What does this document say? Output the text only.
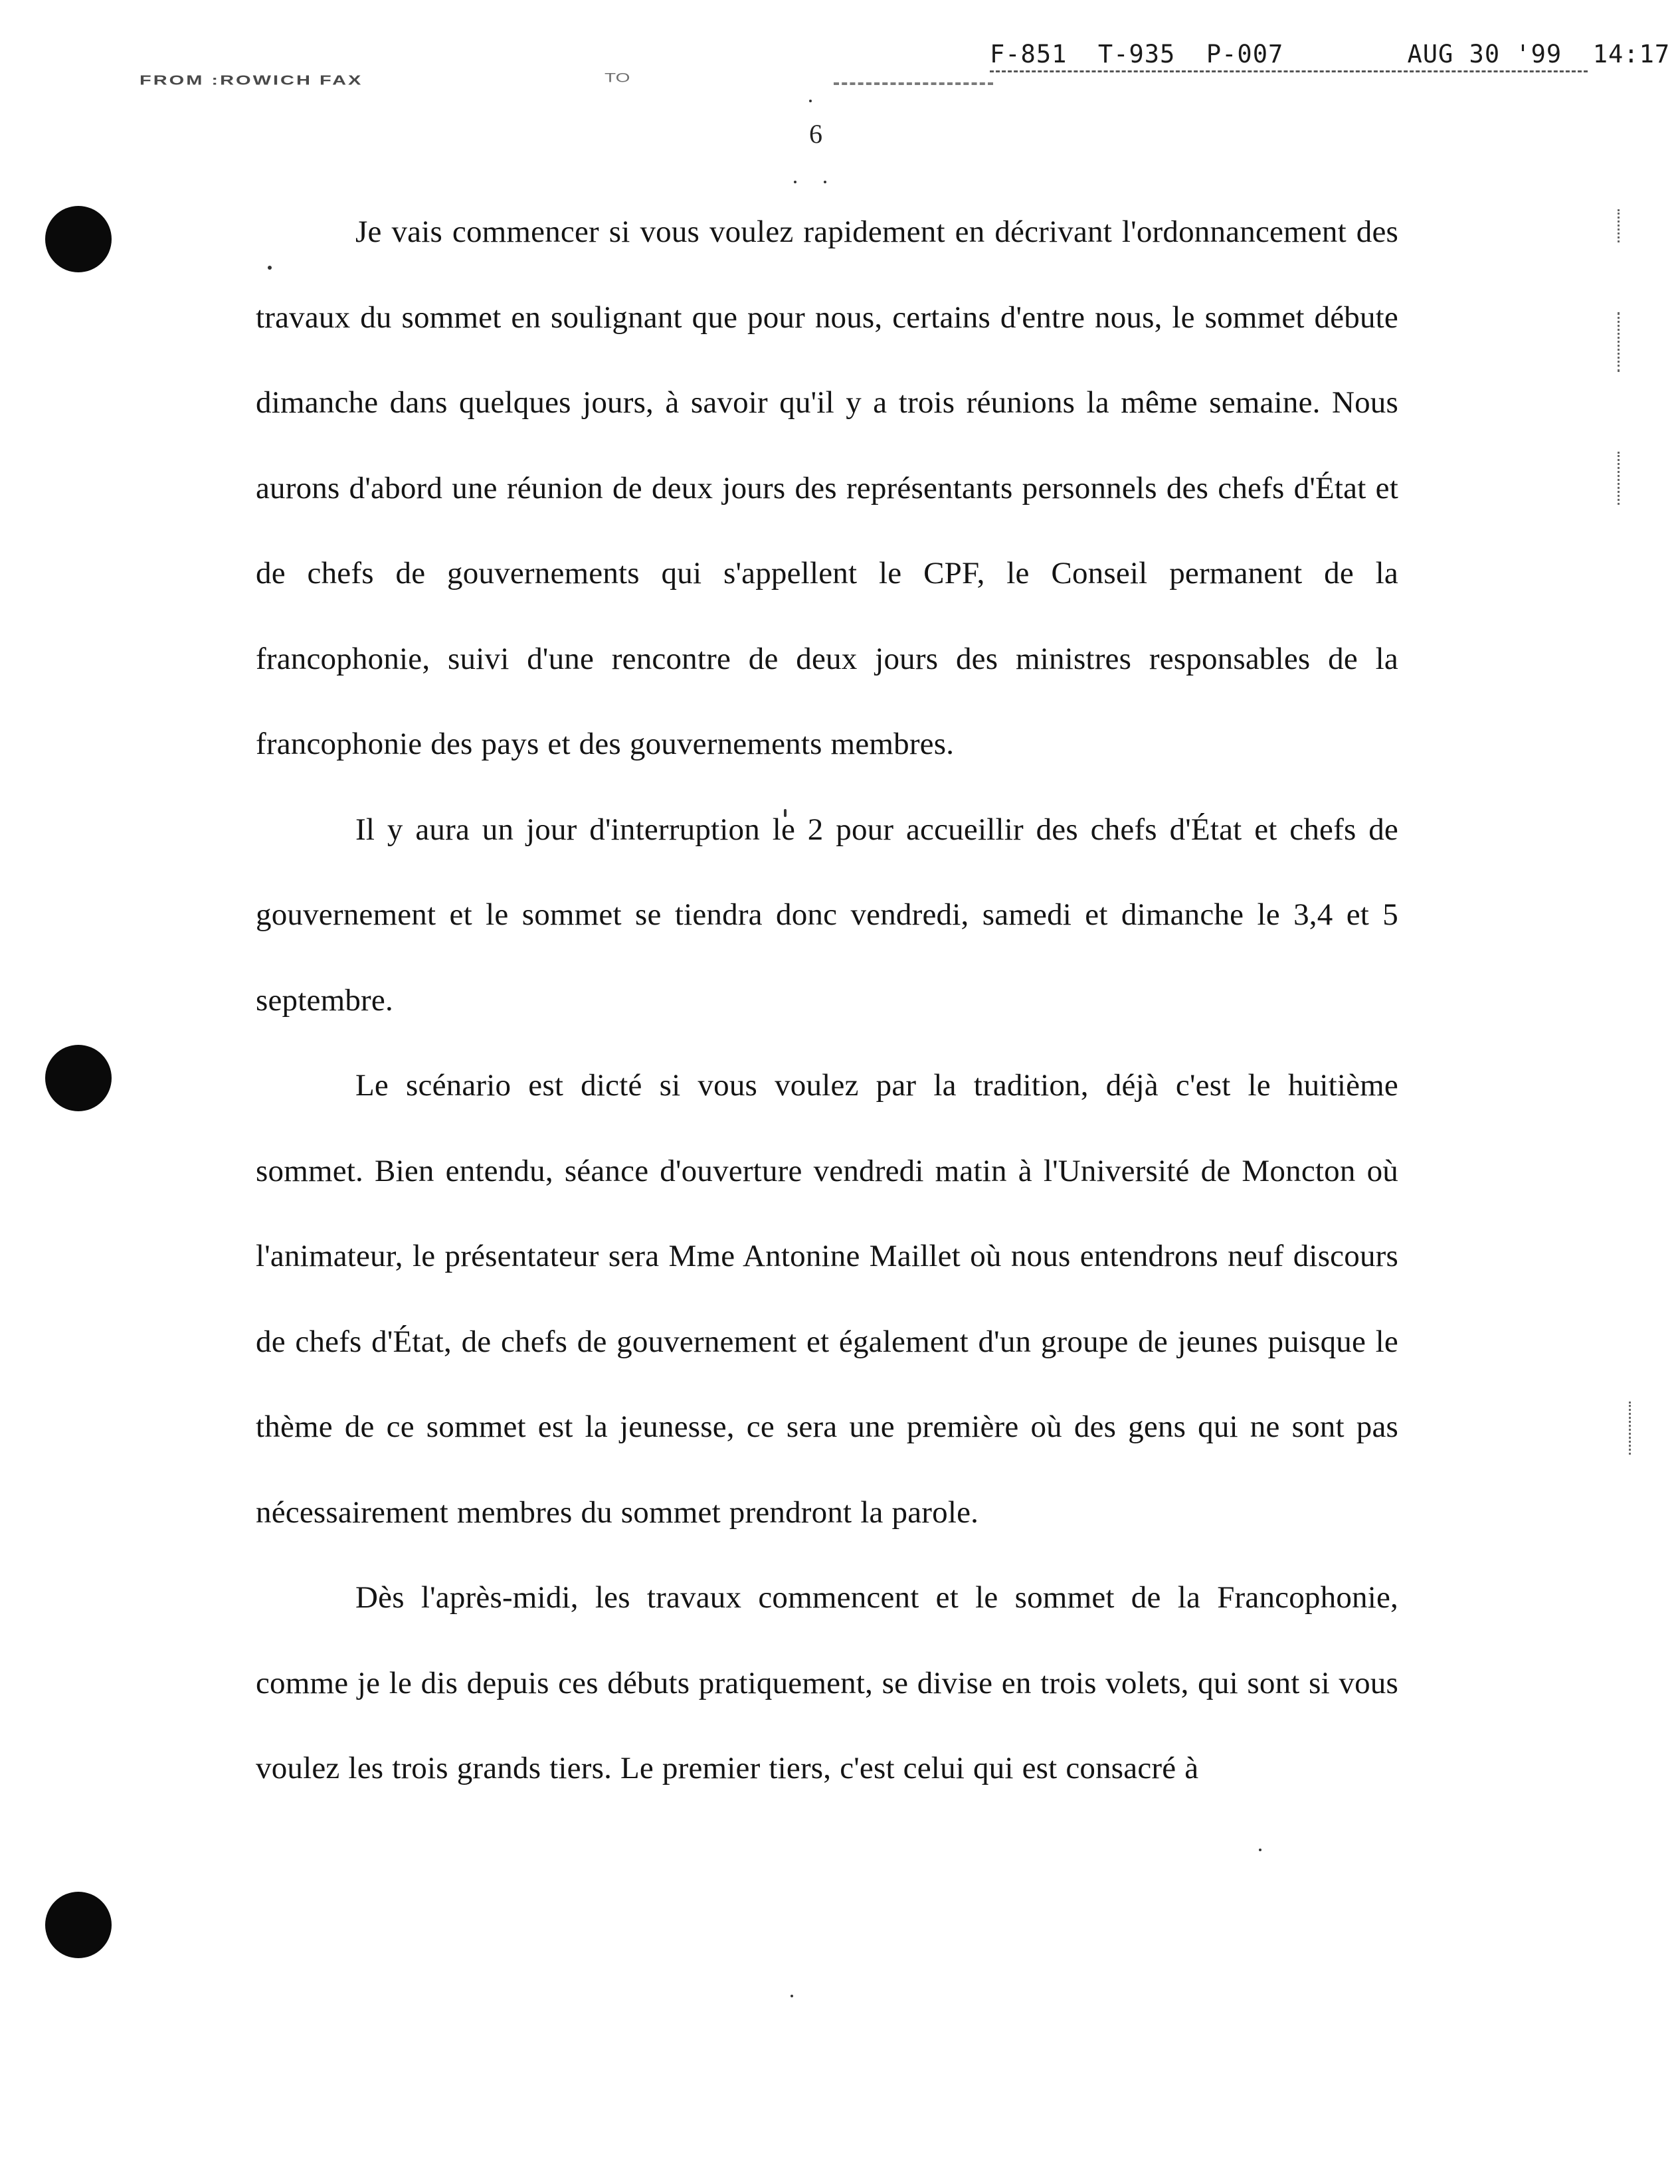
FROM :ROWICH FAX	TO
F-851  T-935  P-007        AUG 30 '99  14:17
6

Je vais commencer si vous voulez rapidement en décrivant l'ordonnancement des travaux du sommet en soulignant que pour nous, certains d'entre nous, le sommet débute dimanche dans quelques jours, à savoir qu'il y a trois réunions la même semaine. Nous aurons d'abord une réunion de deux jours des représentants personnels des chefs d'État et de chefs de gouvernements qui s'appellent le CPF, le Conseil permanent de la francophonie, suivi d'une rencontre de deux jours des ministres responsables de la francophonie des pays et des gouvernements membres.

Il y aura un jour d'interruption le 2 pour accueillir des chefs d'État et chefs de gouvernement et le sommet se tiendra donc vendredi, samedi et dimanche le 3,4 et 5 septembre.

Le scénario est dicté si vous voulez par la tradition, déjà c'est le huitième sommet. Bien entendu, séance d'ouverture vendredi matin à l'Université de Moncton où l'animateur, le présentateur sera Mme Antonine Maillet où nous entendrons neuf discours de chefs d'État, de chefs de gouvernement et également d'un groupe de jeunes puisque le thème de ce sommet est la jeunesse, ce sera une première où des gens qui ne sont pas nécessairement membres du sommet prendront la parole.

Dès l'après-midi, les travaux commencent et le sommet de la Francophonie, comme je le dis depuis ces débuts pratiquement, se divise en trois volets, qui sont si vous voulez les trois grands tiers. Le premier tiers, c'est celui qui est consacré à
